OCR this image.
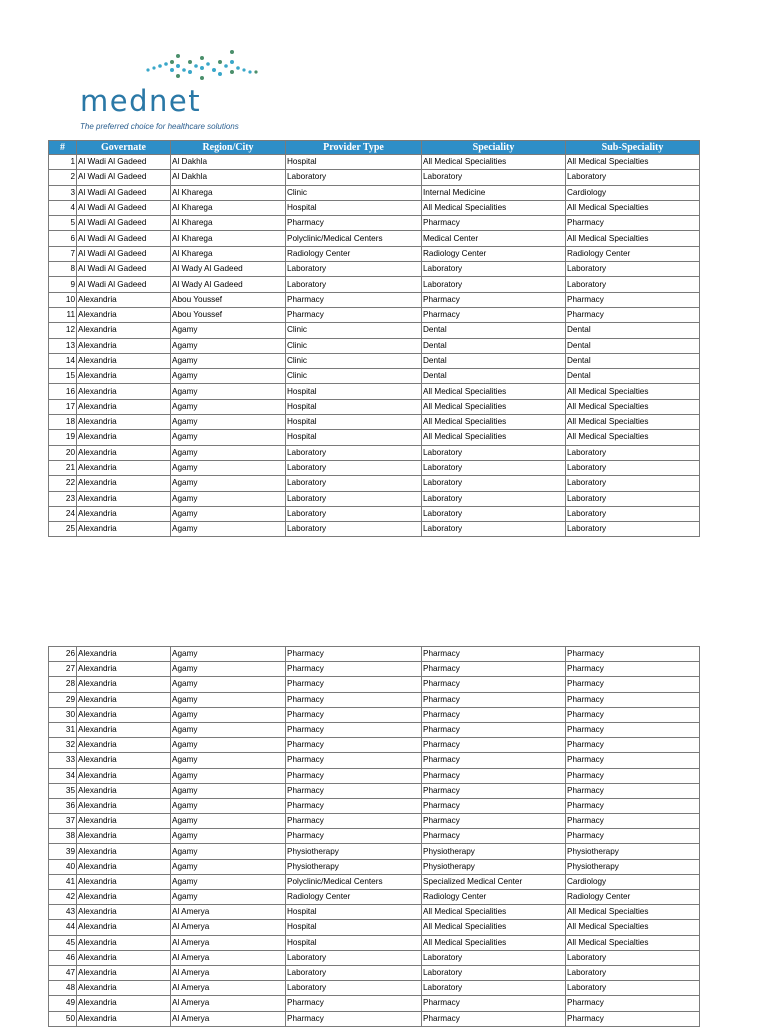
mednet
The preferred choice for healthcare solutions
#	Governate	Region/City	Provider Type	Speciality	Sub-Speciality
1	Al Wadi Al Gadeed	Al Dakhla	Hospital	All Medical Specialities	All Medical Specialties
2	Al Wadi Al Gadeed	Al Dakhla	Laboratory	Laboratory	Laboratory
3	Al Wadi Al Gadeed	Al Kharega	Clinic	Internal Medicine	Cardiology
4	Al Wadi Al Gadeed	Al Kharega	Hospital	All Medical Specialities	All Medical Specialties
5	Al Wadi Al Gadeed	Al Kharega	Pharmacy	Pharmacy	Pharmacy
6	Al Wadi Al Gadeed	Al Kharega	Polyclinic/Medical Centers	Medical Center	All Medical Specialties
7	Al Wadi Al Gadeed	Al Kharega	Radiology Center	Radiology Center	Radiology Center
8	Al Wadi Al Gadeed	Al Wady Al Gadeed	Laboratory	Laboratory	Laboratory
9	Al Wadi Al Gadeed	Al Wady Al Gadeed	Laboratory	Laboratory	Laboratory
10	Alexandria	Abou Youssef	Pharmacy	Pharmacy	Pharmacy
11	Alexandria	Abou Youssef	Pharmacy	Pharmacy	Pharmacy
12	Alexandria	Agamy	Clinic	Dental	Dental
13	Alexandria	Agamy	Clinic	Dental	Dental
14	Alexandria	Agamy	Clinic	Dental	Dental
15	Alexandria	Agamy	Clinic	Dental	Dental
16	Alexandria	Agamy	Hospital	All Medical Specialities	All Medical Specialties
17	Alexandria	Agamy	Hospital	All Medical Specialities	All Medical Specialties
18	Alexandria	Agamy	Hospital	All Medical Specialities	All Medical Specialties
19	Alexandria	Agamy	Hospital	All Medical Specialities	All Medical Specialties
20	Alexandria	Agamy	Laboratory	Laboratory	Laboratory
21	Alexandria	Agamy	Laboratory	Laboratory	Laboratory
22	Alexandria	Agamy	Laboratory	Laboratory	Laboratory
23	Alexandria	Agamy	Laboratory	Laboratory	Laboratory
24	Alexandria	Agamy	Laboratory	Laboratory	Laboratory
25	Alexandria	Agamy	Laboratory	Laboratory	Laboratory
26	Alexandria	Agamy	Pharmacy	Pharmacy	Pharmacy
27	Alexandria	Agamy	Pharmacy	Pharmacy	Pharmacy
28	Alexandria	Agamy	Pharmacy	Pharmacy	Pharmacy
29	Alexandria	Agamy	Pharmacy	Pharmacy	Pharmacy
30	Alexandria	Agamy	Pharmacy	Pharmacy	Pharmacy
31	Alexandria	Agamy	Pharmacy	Pharmacy	Pharmacy
32	Alexandria	Agamy	Pharmacy	Pharmacy	Pharmacy
33	Alexandria	Agamy	Pharmacy	Pharmacy	Pharmacy
34	Alexandria	Agamy	Pharmacy	Pharmacy	Pharmacy
35	Alexandria	Agamy	Pharmacy	Pharmacy	Pharmacy
36	Alexandria	Agamy	Pharmacy	Pharmacy	Pharmacy
37	Alexandria	Agamy	Pharmacy	Pharmacy	Pharmacy
38	Alexandria	Agamy	Pharmacy	Pharmacy	Pharmacy
39	Alexandria	Agamy	Physiotherapy	Physiotherapy	Physiotherapy
40	Alexandria	Agamy	Physiotherapy	Physiotherapy	Physiotherapy
41	Alexandria	Agamy	Polyclinic/Medical Centers	Specialized Medical Center	Cardiology
42	Alexandria	Agamy	Radiology Center	Radiology Center	Radiology Center
43	Alexandria	Al Amerya	Hospital	All Medical Specialities	All Medical Specialties
44	Alexandria	Al Amerya	Hospital	All Medical Specialities	All Medical Specialties
45	Alexandria	Al Amerya	Hospital	All Medical Specialities	All Medical Specialties
46	Alexandria	Al Amerya	Laboratory	Laboratory	Laboratory
47	Alexandria	Al Amerya	Laboratory	Laboratory	Laboratory
48	Alexandria	Al Amerya	Laboratory	Laboratory	Laboratory
49	Alexandria	Al Amerya	Pharmacy	Pharmacy	Pharmacy
50	Alexandria	Al Amerya	Pharmacy	Pharmacy	Pharmacy
